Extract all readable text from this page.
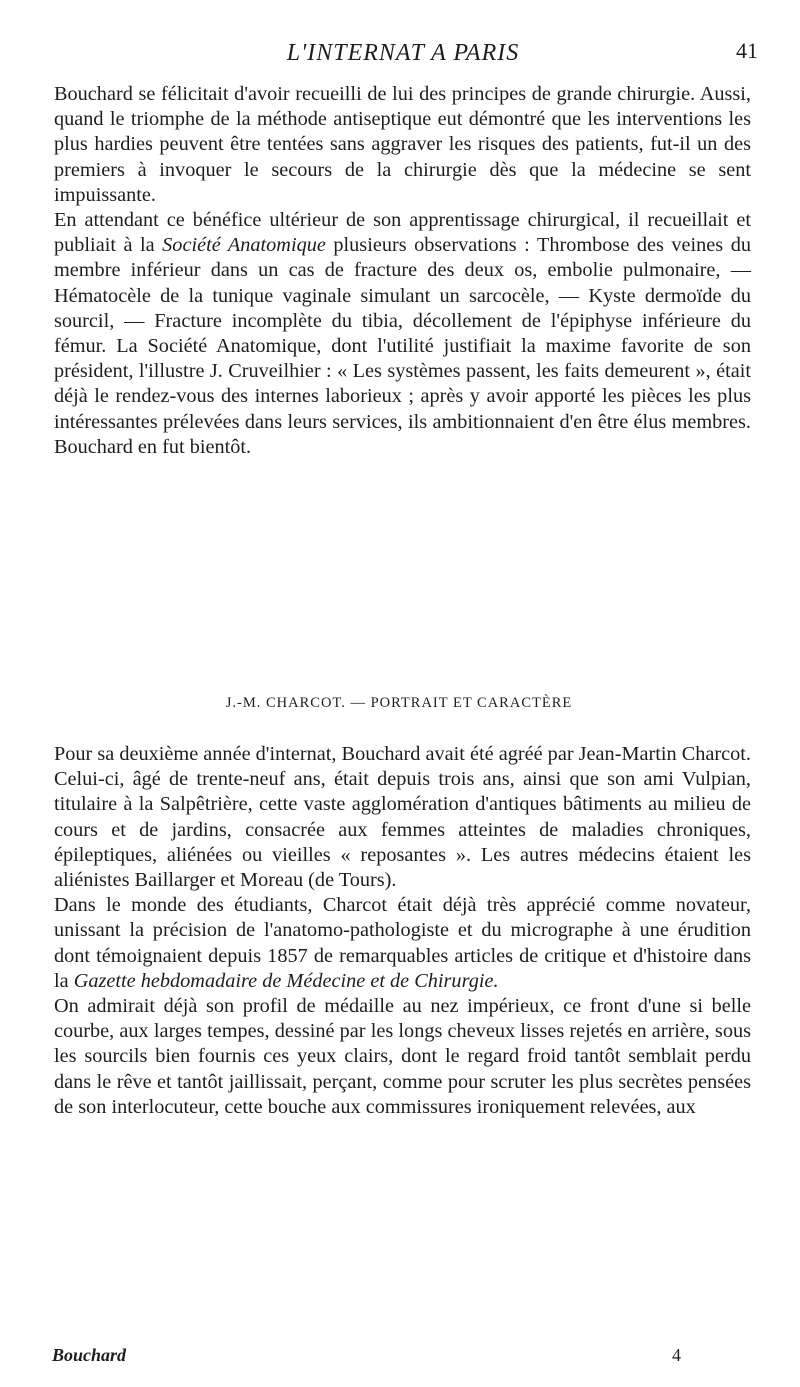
L'INTERNAT A PARIS	41

Bouchard se félicitait d'avoir recueilli de lui des principes de grande chirurgie. Aussi, quand le triomphe de la méthode antiseptique eut démontré que les interventions les plus hardies peuvent être tentées sans aggraver les risques des patients, fut-il un des premiers à invoquer le secours de la chirurgie dès que la médecine se sent impuissante.

En attendant ce bénéfice ultérieur de son apprentissage chirurgical, il recueillait et publiait à la Société Anatomique plusieurs observations : Thrombose des veines du membre inférieur dans un cas de fracture des deux os, embolie pulmonaire, — Hématocèle de la tunique vaginale simulant un sarcocèle, — Kyste dermoïde du sourcil, — Fracture incomplète du tibia, décollement de l'épiphyse inférieure du fémur. La Société Anatomique, dont l'utilité justifiait la maxime favorite de son président, l'illustre J. Cruveilhier : « Les systèmes passent, les faits demeurent », était déjà le rendez-vous des internes laborieux ; après y avoir apporté les pièces les plus intéressantes prélevées dans leurs services, ils ambitionnaient d'en être élus membres. Bouchard en fut bientôt.

J.-M. CHARCOT. — PORTRAIT ET CARACTÈRE

Pour sa deuxième année d'internat, Bouchard avait été agréé par Jean-Martin Charcot. Celui-ci, âgé de trente-neuf ans, était depuis trois ans, ainsi que son ami Vulpian, titulaire à la Salpêtrière, cette vaste agglomération d'antiques bâtiments au milieu de cours et de jardins, consacrée aux femmes atteintes de maladies chroniques, épileptiques, aliénées ou vieilles « reposantes ». Les autres médecins étaient les aliénistes Baillarger et Moreau (de Tours).

Dans le monde des étudiants, Charcot était déjà très apprécié comme novateur, unissant la précision de l'anatomo-pathologiste et du micrographe à une érudition dont témoignaient depuis 1857 de remarquables articles de critique et d'histoire dans la Gazette hebdomadaire de Médecine et de Chirurgie.

On admirait déjà son profil de médaille au nez impérieux, ce front d'une si belle courbe, aux larges tempes, dessiné par les longs cheveux lisses rejetés en arrière, sous les sourcils bien fournis ces yeux clairs, dont le regard froid tantôt semblait perdu dans le rêve et tantôt jaillissait, perçant, comme pour scruter les plus secrètes pensées de son interlocuteur, cette bouche aux commissures ironiquement relevées, aux

Bouchard	4
